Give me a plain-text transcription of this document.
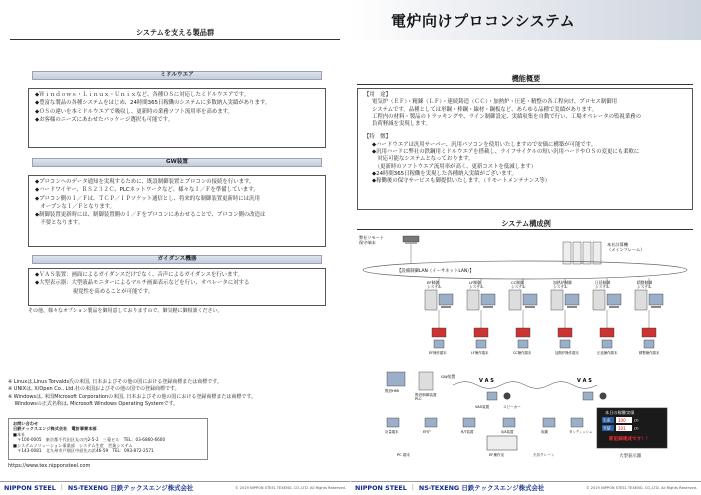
システムを支える製品群
ミドルウエア

◆Ｗｉｎｄｏｗｓ・Ｌｉｎｕｘ・Ｕｎｉｘなど、各種ＯＳに対応したミドルウエアです。

◆豊富な製品の各種システムをはじめ、24時間365日稼働のシステムに多数納入実績があります。

◆ＯＳの違いを本ミドルウエアで吸収し、更新時の業務ソフト流用率を高めます。

◆お客様のニーズにあわせたパッケージ選択も可能です。

GW装置

◆プロコンへのデータ通知を実現するために、既設制御装置とプロコンの接続を行います。

◆ハードワイヤー、ＲＳ２３２Ｃ、PLCネットワークなど、様々なＩ／Ｆを準備しています。

◆プロコン側のＩ／Ｆは、ＴＣＰ／ＩＰソケット通信とし、将来的な制御装置更新時には汎用

　オープンなＩ／Ｆとなります。

◆制御装置更新時には、制御装置側のＩ／Ｆをプロコンにあわせることで、プロコン側の改造は

　不要となります。

ガイダンス機器

◆ＶＡＳ装置：画面によるガイダンスだけでなく、音声によるガイダンスを行います。

◆大型表示器：大型液晶モニターによるマルチ画面表示などを行い、オペレータに対する

　　　　　　　視覚性を高めることが可能です。

その他、様々なオプション製品を御用意しておりますので、御気軽に御相談ください。

※ Linuxは,Linus Torvalds氏の米国, 日本およびその他の国における登録商標または商標です。

※ UNIXは, X/Open Co., Ltd.社の米国およびその他の国での登録商標です。

※ Windowsは, 米国Microsoft Corporationの米国, 日本およびその他の国における登録商標または商標です。

　 Windowsの正式名称は, Microsoft Windows Operating Systemです。

お問い合わせ

日鉄テックスエンジ株式会社　電計事業本部

■本社

　〒100-0005　東京都千代田区丸の内2-5-2　三菱ビル　TEL：03-6860-6600

■システムソリューション事業部　システム生産　営業システム

　〒143-0081　北九州市戸畑区中原先の浜46-59　TEL：093-872-2571

https://www.tex.nipponsteel.com
NIPPON STEEL | NS-TEXENG 日鉄テックスエンジ株式会社	© 2019 NIPPON STEEL TEXENG. CO.,LTD. All Rights Reserved.
電炉向けプロコンシステム
機能概要

【用　途】

電気炉（ＥＦ）・精錬（ＬＦ）・連続鋳造（ＣＣ）・加熱炉・圧延・精整の各工程向け、プロセス制御用

システムです。品種としては形鋼・棒鋼・線材・鋼板など、あらゆる品種で実績があります。

工程内の材料・製品のトラッキングや、ライン制御設定、実績収集を自動で行い、工場オペレータの監視業務の

負荷軽減を実現します。

【特　徴】

◆ハードウエアは汎用サーバー、汎用パソコンを使用いたしますので安価に構築が可能です。

◆汎用ハードに弊社の鉄鋼用ミドルウエアを搭載し、ライフサイクルの短い汎用ハードやＯＳの変更にも柔軟に

　対応可能なシステムとなっております。

　（更新時のソフトウエア流用率が高く、更新コストを低減します）

◆24時間365日稼働を実現した各種納入実績がございます。

◆稼働後の保守サービスも御提供いたします。（リモートメンテナンス等）

システム構成例
弊社リモート保守端末	本社計算機（メインフレーム）
【設備制御LAN（イーサネットLAN）】
EF制御システム
EF操作端末
LF制御システム
LF操作端末
CC制御システム
CC操作端末
加熱炉制御システム
加熱炉操作端末
圧延制御システム
圧延操作端末
精整制御システム
精整操作端末
V A S	V A S
既設HMI
既設制御装置 PLC
GW装置
VAS装置	スピーカー
計量端末	EF炉	R/T装置	S/A装置	取鍋	タンディッシュ
EF操作室	天井クレーン
PC 端末
本日の稼働実績
生産 100 ch
実績	101 ch
新記録達成です！！
大型表示器
NIPPON STEEL | NS-TEXENG 日鉄テックスエンジ株式会社	© 2019 NIPPON STEEL TEXENG. CO.,LTD. All Rights Reserved.
